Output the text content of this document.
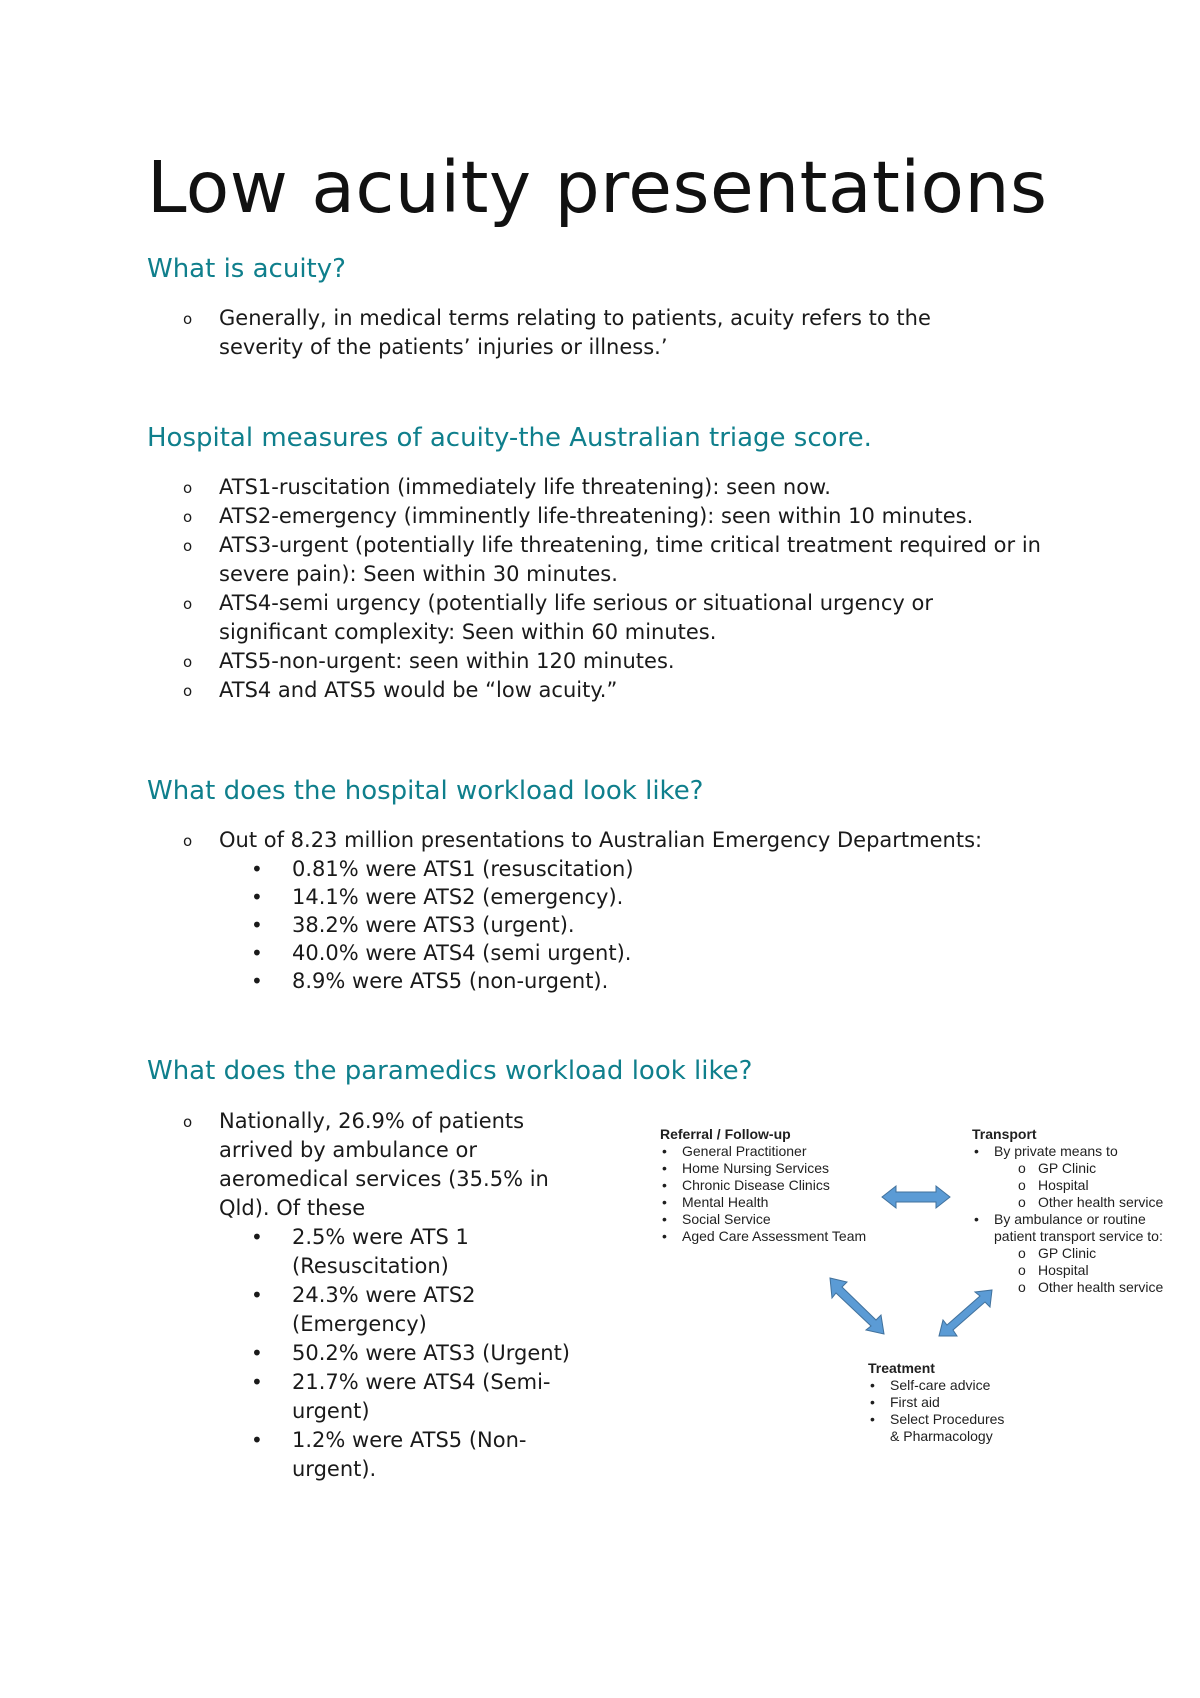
Low acuity presentations
What is acuity?
o Generally, in medical terms relating to patients, acuity refers to the severity of the patients’ injuries or illness.’
Hospital measures of acuity-the Australian triage score.
o ATS1-ruscitation (immediately life threatening): seen now.
o ATS2-emergency (imminently life-threatening): seen within 10 minutes.
o ATS3-urgent (potentially life threatening, time critical treatment required or in severe pain): Seen within 30 minutes.
o ATS4-semi urgency (potentially life serious or situational urgency or significant complexity: Seen within 60 minutes.
o ATS5-non-urgent: seen within 120 minutes.
o ATS4 and ATS5 would be “low acuity.”
What does the hospital workload look like?
o Out of 8.23 million presentations to Australian Emergency Departments:
• 0.81% were ATS1 (resuscitation)
• 14.1% were ATS2 (emergency).
• 38.2% were ATS3 (urgent).
• 40.0% were ATS4 (semi urgent).
• 8.9% were ATS5 (non-urgent).
What does the paramedics workload look like?
o Nationally, 26.9% of patients arrived by ambulance or aeromedical services (35.5% in Qld). Of these
• 2.5% were ATS 1 (Resuscitation)
• 24.3% were ATS2 (Emergency)
• 50.2% were ATS3 (Urgent)
• 21.7% were ATS4 (Semi-urgent)
• 1.2% were ATS5 (Non-urgent).
Referral / Follow-up
• General Practitioner
• Home Nursing Services
• Chronic Disease Clinics
• Mental Health
• Social Service
• Aged Care Assessment Team
Transport
• By private means to
o GP Clinic
o Hospital
o Other health service
• By ambulance or routine
patient transport service to:
o GP Clinic
o Hospital
o Other health service
Treatment
• Self-care advice
• First aid
• Select Procedures
& Pharmacology
